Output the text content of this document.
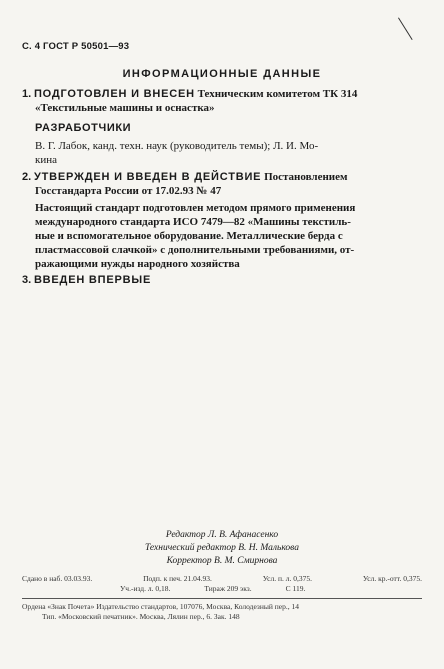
С. 4 ГОСТ Р 50501—93
ИНФОРМАЦИОННЫЕ ДАННЫЕ
1. ПОДГОТОВЛЕН И ВНЕСЕН Техническим комитетом ТК 314
«Текстильные машины и оснастка»
РАЗРАБОТЧИКИ
В. Г. Лабок, канд. техн. наук (руководитель темы); Л. И. Мо-
кина
2. УТВЕРЖДЕН И ВВЕДЕН В ДЕЙСТВИЕ Постановлением
Госстандарта России от 17.02.93 № 47
Настоящий стандарт подготовлен методом прямого применения
международного стандарта ИСО 7479—82 «Машины текстиль-
ные и вспомогательное оборудование. Металлические берда с
пластмассовой слачкой» с дополнительными требованиями, от-
ражающими нужды народного хозяйства
3. ВВЕДЕН ВПЕРВЫЕ
Редактор Л. В. Афанасенко
Технический редактор В. Н. Малькова
Корректор В. М. Смирнова
Сдано в наб. 03.03.93.	Подп. к печ. 21.04.93.	Усл. п. л. 0,375.	Усл. кр.-отт. 0,375.
Уч.-изд. л. 0,18.	Тираж 209 экз.	С 119.
Ордена «Знак Почета» Издательство стандартов, 107076, Москва, Колодезный пер., 14
Тип. «Московский печатник». Москва, Лялин пер., 6. Зак. 148
